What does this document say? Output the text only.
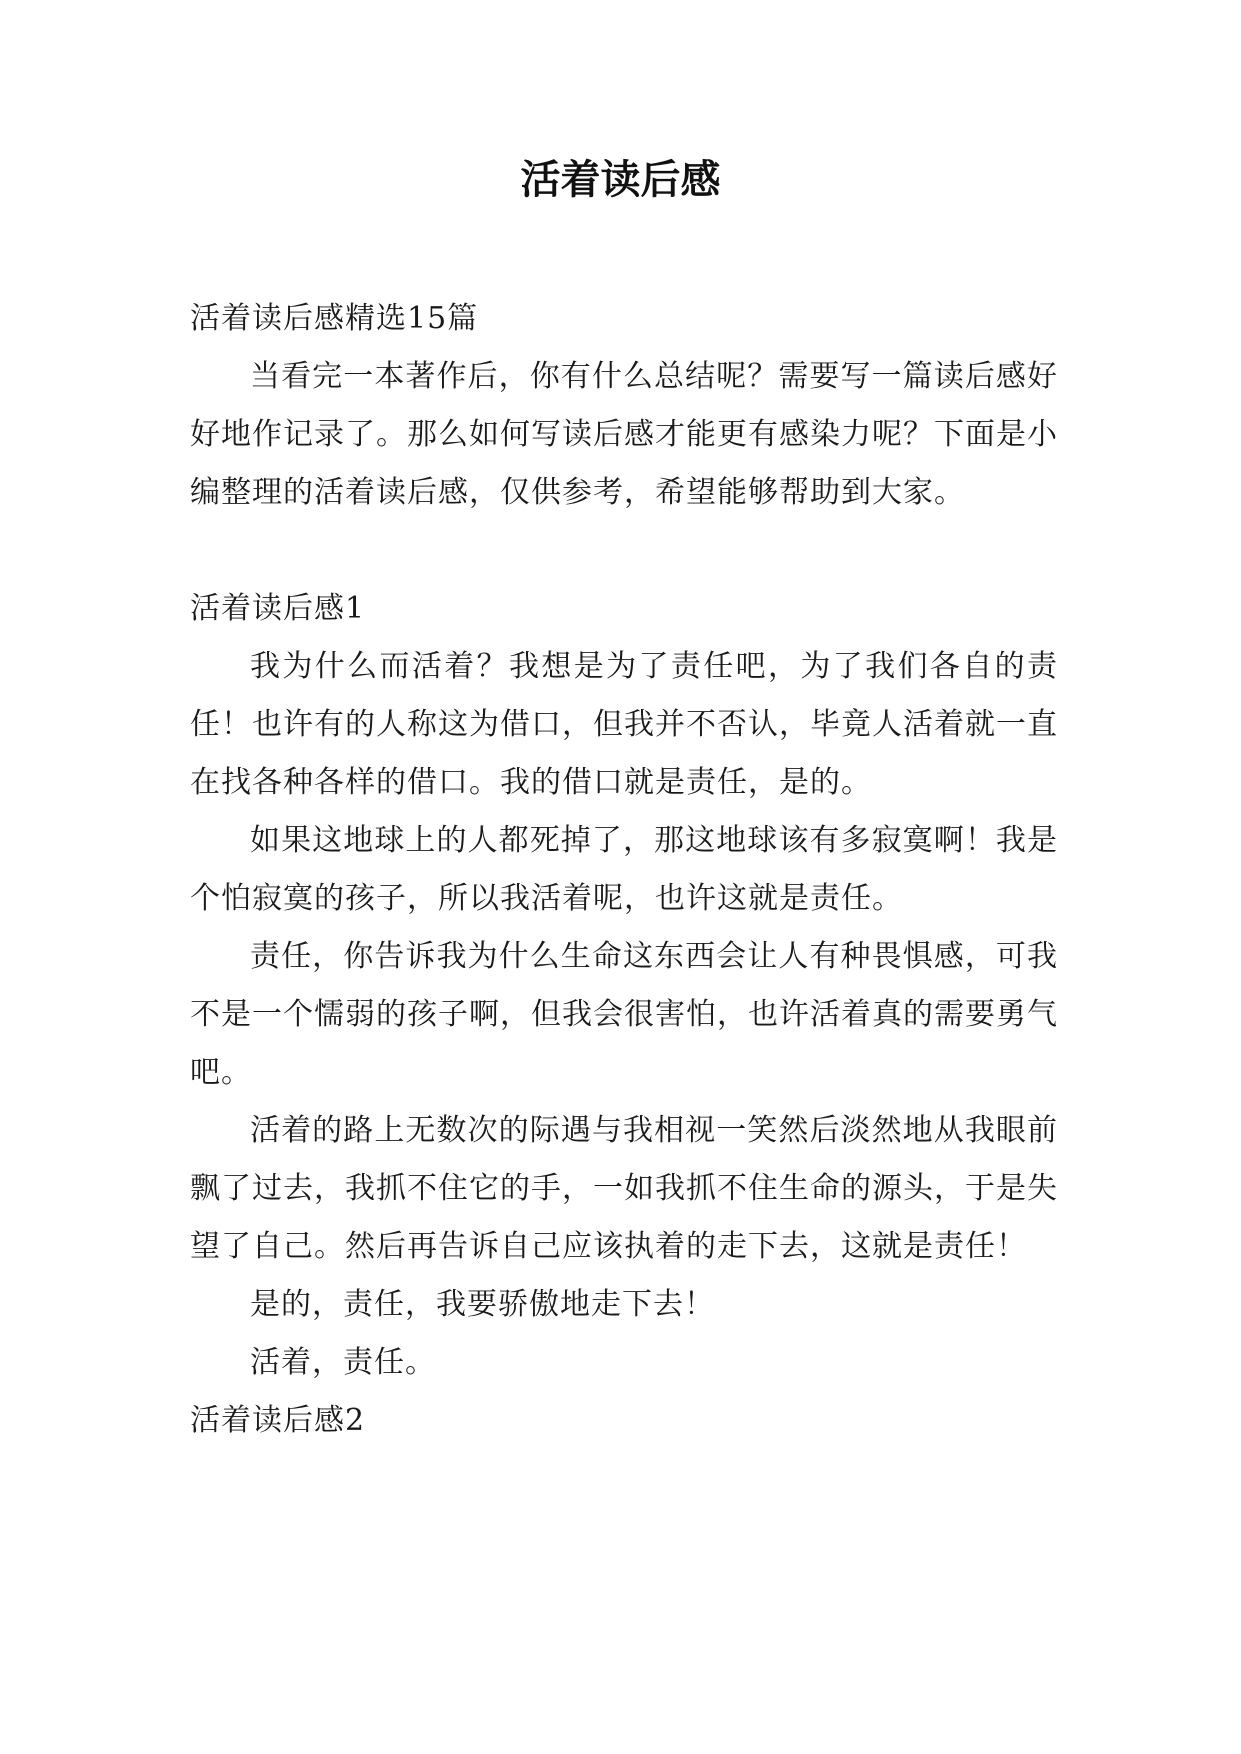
活着读后感

活着读后感精选15篇

当看完一本著作后，你有什么总结呢？需要写一篇读后感好好地作记录了。那么如何写读后感才能更有感染力呢？下面是小编整理的活着读后感，仅供参考，希望能够帮助到大家。

活着读后感1

我为什么而活着？我想是为了责任吧，为了我们各自的责任！也许有的人称这为借口，但我并不否认，毕竟人活着就一直在找各种各样的借口。我的借口就是责任，是的。

如果这地球上的人都死掉了，那这地球该有多寂寞啊！我是个怕寂寞的孩子，所以我活着呢，也许这就是责任。

责任，你告诉我为什么生命这东西会让人有种畏惧感，可我不是一个懦弱的孩子啊，但我会很害怕，也许活着真的需要勇气吧。

活着的路上无数次的际遇与我相视一笑然后淡然地从我眼前飘了过去，我抓不住它的手，一如我抓不住生命的源头，于是失望了自己。然后再告诉自己应该执着的走下去，这就是责任！

是的，责任，我要骄傲地走下去！

活着，责任。

活着读后感2
